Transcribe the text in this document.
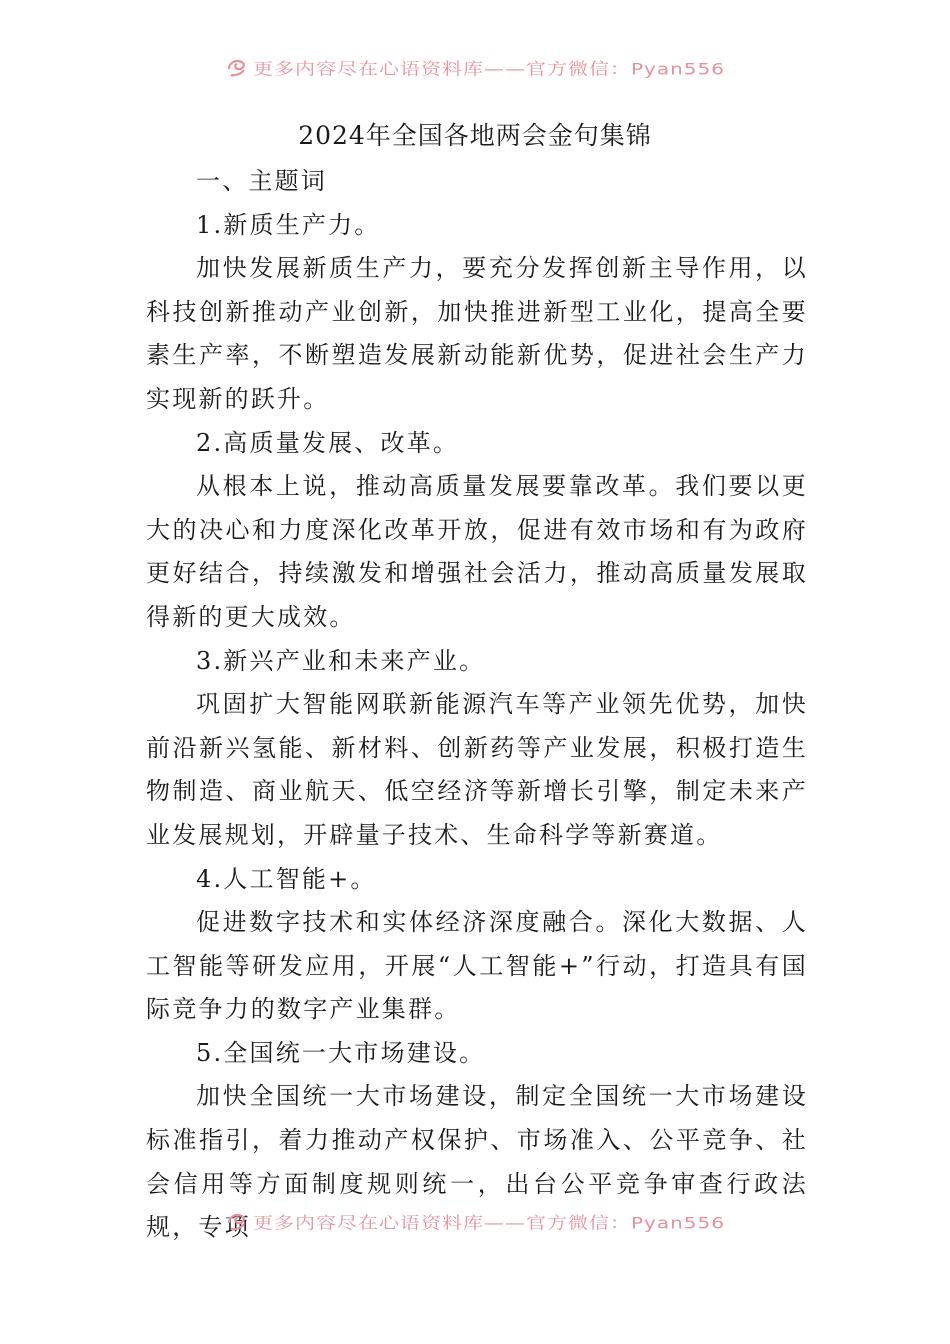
更多内容尽在心语资料库——官方微信：Pyan556
2024年全国各地两会金句集锦

一、主题词

1.新质生产力。

加快发展新质生产力，要充分发挥创新主导作用，以科技创新推动产业创新，加快推进新型工业化，提高全要素生产率，不断塑造发展新动能新优势，促进社会生产力实现新的跃升。

2.高质量发展、改革。

从根本上说，推动高质量发展要靠改革。我们要以更大的决心和力度深化改革开放，促进有效市场和有为政府更好结合，持续激发和增强社会活力，推动高质量发展取得新的更大成效。

3.新兴产业和未来产业。

巩固扩大智能网联新能源汽车等产业领先优势，加快前沿新兴氢能、新材料、创新药等产业发展，积极打造生物制造、商业航天、低空经济等新增长引擎，制定未来产业发展规划，开辟量子技术、生命科学等新赛道。

4.人工智能+。

促进数字技术和实体经济深度融合。深化大数据、人工智能等研发应用，开展“人工智能+”行动，打造具有国际竞争力的数字产业集群。

5.全国统一大市场建设。

加快全国统一大市场建设，制定全国统一大市场建设标准指引，着力推动产权保护、市场准入、公平竞争、社会信用等方面制度规则统一，出台公平竞争审查行政法规，专项 更多内容尽在心语资料库——官方微信：Pyan556
